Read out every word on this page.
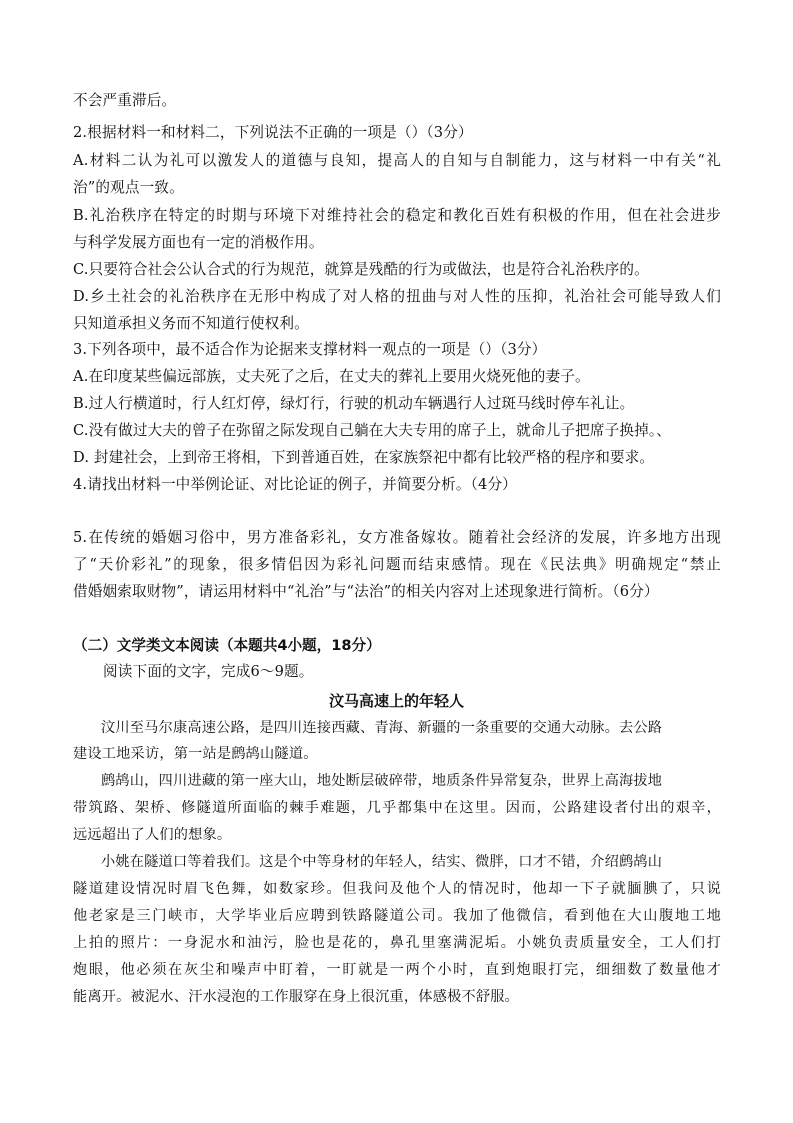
不会严重滞后。
2.根据材料一和材料二，下列说法不正确的一项是（）（3分）
A.材料二认为礼可以激发人的道德与良知，提高人的自知与自制能力，这与材料一中有关“礼
治”的观点一致。
B.礼治秩序在特定的时期与环境下对维持社会的稳定和教化百姓有积极的作用，但在社会进步
与科学发展方面也有一定的消极作用。
C.只要符合社会公认合式的行为规范，就算是残酷的行为或做法，也是符合礼治秩序的。
D.乡土社会的礼治秩序在无形中构成了对人格的扭曲与对人性的压抑，礼治社会可能导致人们
只知道承担义务而不知道行使权利。
3.下列各项中，最不适合作为论据来支撑材料一观点的一项是（）（3分）
A.在印度某些偏远部族，丈夫死了之后，在丈夫的葬礼上要用火烧死他的妻子。
B.过人行横道时，行人红灯停，绿灯行，行驶的机动车辆遇行人过斑马线时停车礼让。
C.没有做过大夫的曾子在弥留之际发现自己躺在大夫专用的席子上，就命儿子把席子换掉。、
D. 封建社会，上到帝王将相，下到普通百姓，在家族祭祀中都有比较严格的程序和要求。
4.请找出材料一中举例论证、对比论证的例子，并简要分析。（4分）
5.在传统的婚姻习俗中，男方准备彩礼，女方准备嫁妆。随着社会经济的发展，许多地方出现
了“天价彩礼”的现象，很多情侣因为彩礼问题而结束感情。现在《民法典》明确规定“禁止
借婚姻索取财物”，请运用材料中“礼治”与“法治”的相关内容对上述现象进行简析。（6分）
（二）文学类文本阅读（本题共4小题，18分）
阅读下面的文字，完成6～9题。
汶马高速上的年轻人
汶川至马尔康高速公路，是四川连接西藏、青海、新疆的一条重要的交通大动脉。去公路
建设工地采访，第一站是鹧鸪山隧道。
鹧鸪山，四川进藏的第一座大山，地处断层破碎带，地质条件异常复杂，世界上高海拔地
带筑路、架桥、修隧道所面临的棘手难题，几乎都集中在这里。因而，公路建设者付出的艰辛，
远远超出了人们的想象。
小姚在隧道口等着我们。这是个中等身材的年轻人，结实、微胖，口才不错，介绍鹧鸪山
隧道建设情况时眉飞色舞，如数家珍。但我问及他个人的情况时，他却一下子就腼腆了，只说
他老家是三门峡市，大学毕业后应聘到铁路隧道公司。我加了他微信，看到他在大山腹地工地
上拍的照片：一身泥水和油污，脸也是花的，鼻孔里塞满泥垢。小姚负责质量安全，工人们打
炮眼，他必须在灰尘和噪声中盯着，一盯就是一两个小时，直到炮眼打完，细细数了数量他才
能离开。被泥水、汗水浸泡的工作服穿在身上很沉重，体感极不舒服。
